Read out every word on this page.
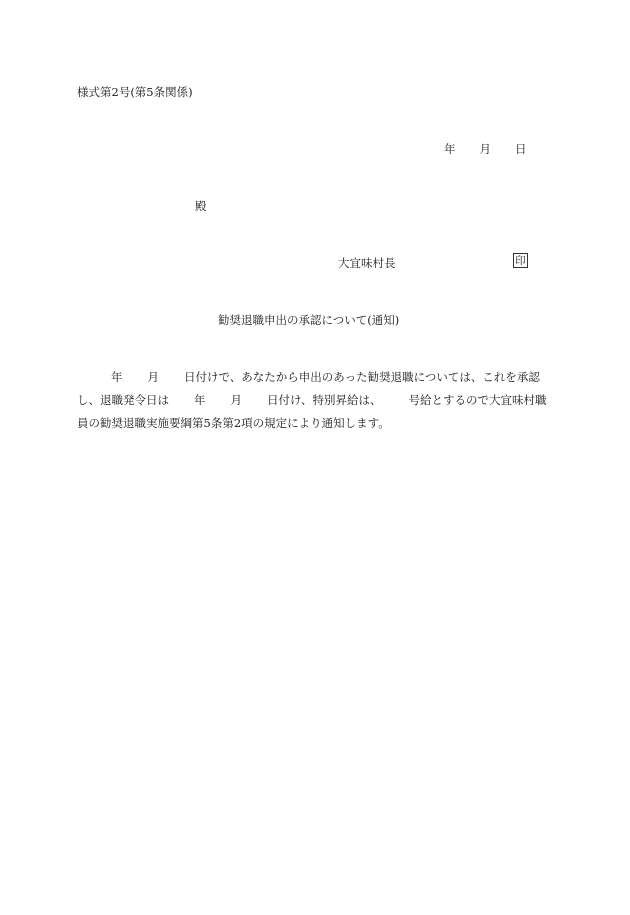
様式第2号(第5条関係)
年 月 日
殿
大宜味村長	印
勧奨退職申出の承認について(通知)
年 月 日付けで、あなたから申出のあった勧奨退職については、これを承認
し、退職発令日は 年 月 日付け、特別昇給は、 号給とするので大宜味村職
員の勧奨退職実施要綱第5条第2項の規定により通知します。
